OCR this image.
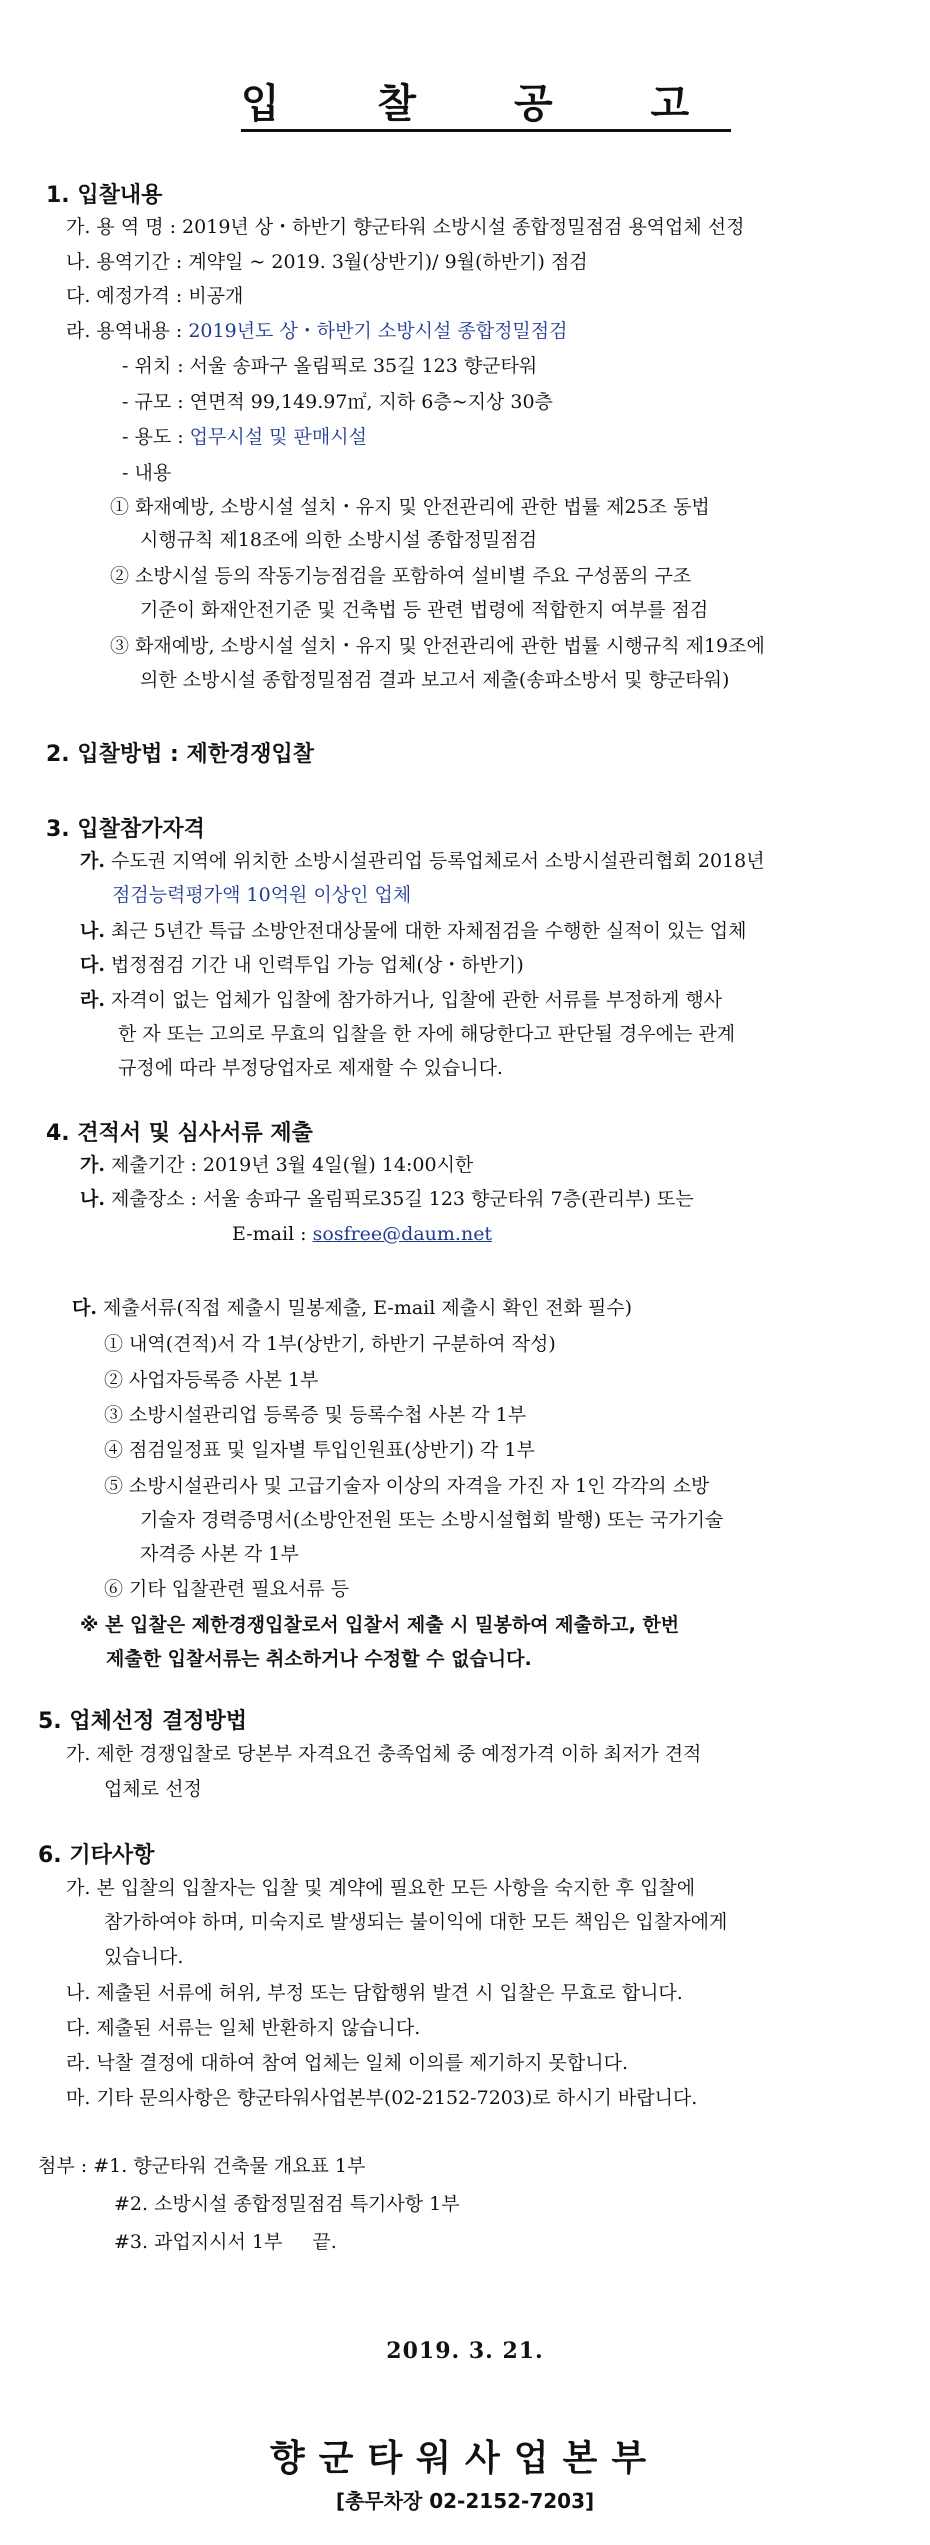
입 찰 공 고
1. 입찰내용
가. 용 역 명 : 2019년 상・하반기 향군타워 소방시설 종합정밀점검 용역업체 선정
나. 용역기간 : 계약일 ~ 2019. 3월(상반기)/ 9월(하반기) 점검
다. 예정가격 : 비공개
라. 용역내용 : 2019년도 상・하반기 소방시설 종합정밀점검
- 위치 : 서울 송파구 올림픽로 35길 123 향군타워
- 규모 : 연면적 99,149.97㎡, 지하 6층~지상 30층
- 용도 : 업무시설 및 판매시설
- 내용
① 화재예방, 소방시설 설치・유지 및 안전관리에 관한 법률 제25조 동법
시행규칙 제18조에 의한 소방시설 종합정밀점검
② 소방시설 등의 작동기능점검을 포함하여 설비별 주요 구성품의 구조
기준이 화재안전기준 및 건축법 등 관련 법령에 적합한지 여부를 점검
③ 화재예방, 소방시설 설치・유지 및 안전관리에 관한 법률 시행규칙 제19조에
의한 소방시설 종합정밀점검 결과 보고서 제출(송파소방서 및 향군타워)
2. 입찰방법 : 제한경쟁입찰
3. 입찰참가자격
가. 수도권 지역에 위치한 소방시설관리업 등록업체로서 소방시설관리협회 2018년
점검능력평가액 10억원 이상인 업체
나. 최근 5년간 특급 소방안전대상물에 대한 자체점검을 수행한 실적이 있는 업체
다. 법정점검 기간 내 인력투입 가능 업체(상・하반기)
라. 자격이 없는 업체가 입찰에 참가하거나, 입찰에 관한 서류를 부정하게 행사
한 자 또는 고의로 무효의 입찰을 한 자에 해당한다고 판단될 경우에는 관계
규정에 따라 부정당업자로 제재할 수 있습니다.
4. 견적서 및 심사서류 제출
가. 제출기간 : 2019년 3월 4일(월) 14:00시한
나. 제출장소 : 서울 송파구 올림픽로35길 123 향군타워 7층(관리부) 또는
E-mail : sosfree@daum.net
다. 제출서류(직접 제출시 밀봉제출, E-mail 제출시 확인 전화 필수)
① 내역(견적)서 각 1부(상반기, 하반기 구분하여 작성)
② 사업자등록증 사본 1부
③ 소방시설관리업 등록증 및 등록수첩 사본 각 1부
④ 점검일정표 및 일자별 투입인원표(상반기) 각 1부
⑤ 소방시설관리사 및 고급기술자 이상의 자격을 가진 자 1인 각각의 소방
기술자 경력증명서(소방안전원 또는 소방시설협회 발행) 또는 국가기술
자격증 사본 각 1부
⑥ 기타 입찰관련 필요서류 등
※ 본 입찰은 제한경쟁입찰로서 입찰서 제출 시 밀봉하여 제출하고, 한번
제출한 입찰서류는 취소하거나 수정할 수 없습니다.
5. 업체선정 결정방법
가. 제한 경쟁입찰로 당본부 자격요건 충족업체 중 예정가격 이하 최저가 견적
업체로 선정
6. 기타사항
가. 본 입찰의 입찰자는 입찰 및 계약에 필요한 모든 사항을 숙지한 후 입찰에
참가하여야 하며, 미숙지로 발생되는 불이익에 대한 모든 책임은 입찰자에게
있습니다.
나. 제출된 서류에 허위, 부정 또는 담합행위 발견 시 입찰은 무효로 합니다.
다. 제출된 서류는 일체 반환하지 않습니다.
라. 낙찰 결정에 대하여 참여 업체는 일체 이의를 제기하지 못합니다.
마. 기타 문의사항은 향군타워사업본부(02-2152-7203)로 하시기 바랍니다.
첨부 : #1. 향군타워 건축물 개요표 1부
#2. 소방시설 종합정밀점검 특기사항 1부
#3. 과업지시서 1부 끝.
2019. 3. 21.
향군타워사업본부
[총무차장 02-2152-7203]
